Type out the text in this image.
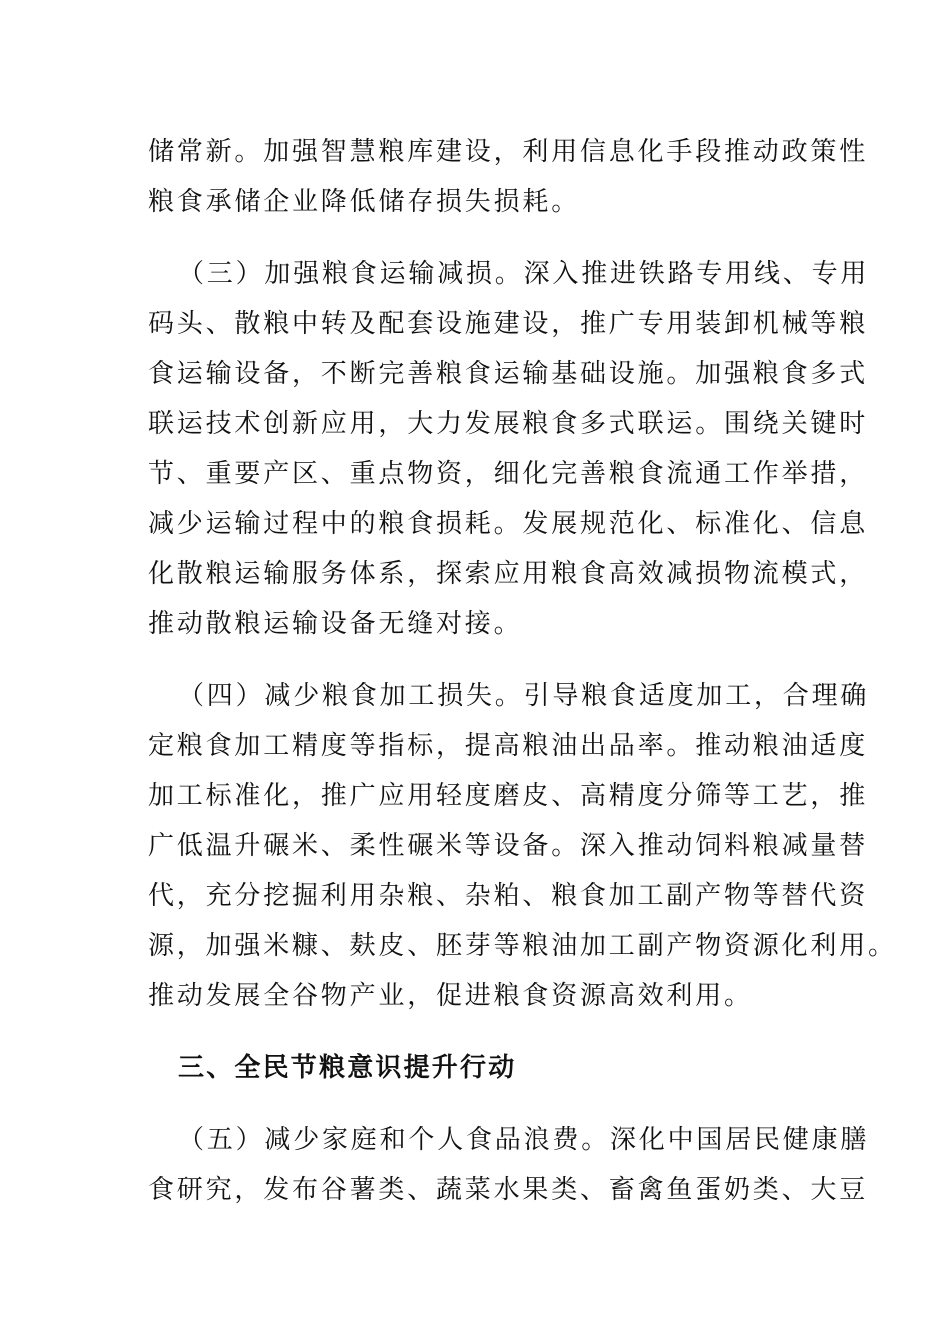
储常新。加强智慧粮库建设，利用信息化手段推动政策性
粮食承储企业降低储存损失损耗。
（三）加强粮食运输减损。深入推进铁路专用线、专用
码头、散粮中转及配套设施建设，推广专用装卸机械等粮
食运输设备，不断完善粮食运输基础设施。加强粮食多式
联运技术创新应用，大力发展粮食多式联运。围绕关键时
节、重要产区、重点物资，细化完善粮食流通工作举措，
减少运输过程中的粮食损耗。发展规范化、标准化、信息
化散粮运输服务体系，探索应用粮食高效减损物流模式，
推动散粮运输设备无缝对接。
（四）减少粮食加工损失。引导粮食适度加工，合理确
定粮食加工精度等指标，提高粮油出品率。推动粮油适度
加工标准化，推广应用轻度磨皮、高精度分筛等工艺，推
广低温升碾米、柔性碾米等设备。深入推动饲料粮减量替
代，充分挖掘利用杂粮、杂粕、粮食加工副产物等替代资
源，加强米糠、麸皮、胚芽等粮油加工副产物资源化利用。
推动发展全谷物产业，促进粮食资源高效利用。
三、全民节粮意识提升行动
（五）减少家庭和个人食品浪费。深化中国居民健康膳
食研究，发布谷薯类、蔬菜水果类、畜禽鱼蛋奶类、大豆
